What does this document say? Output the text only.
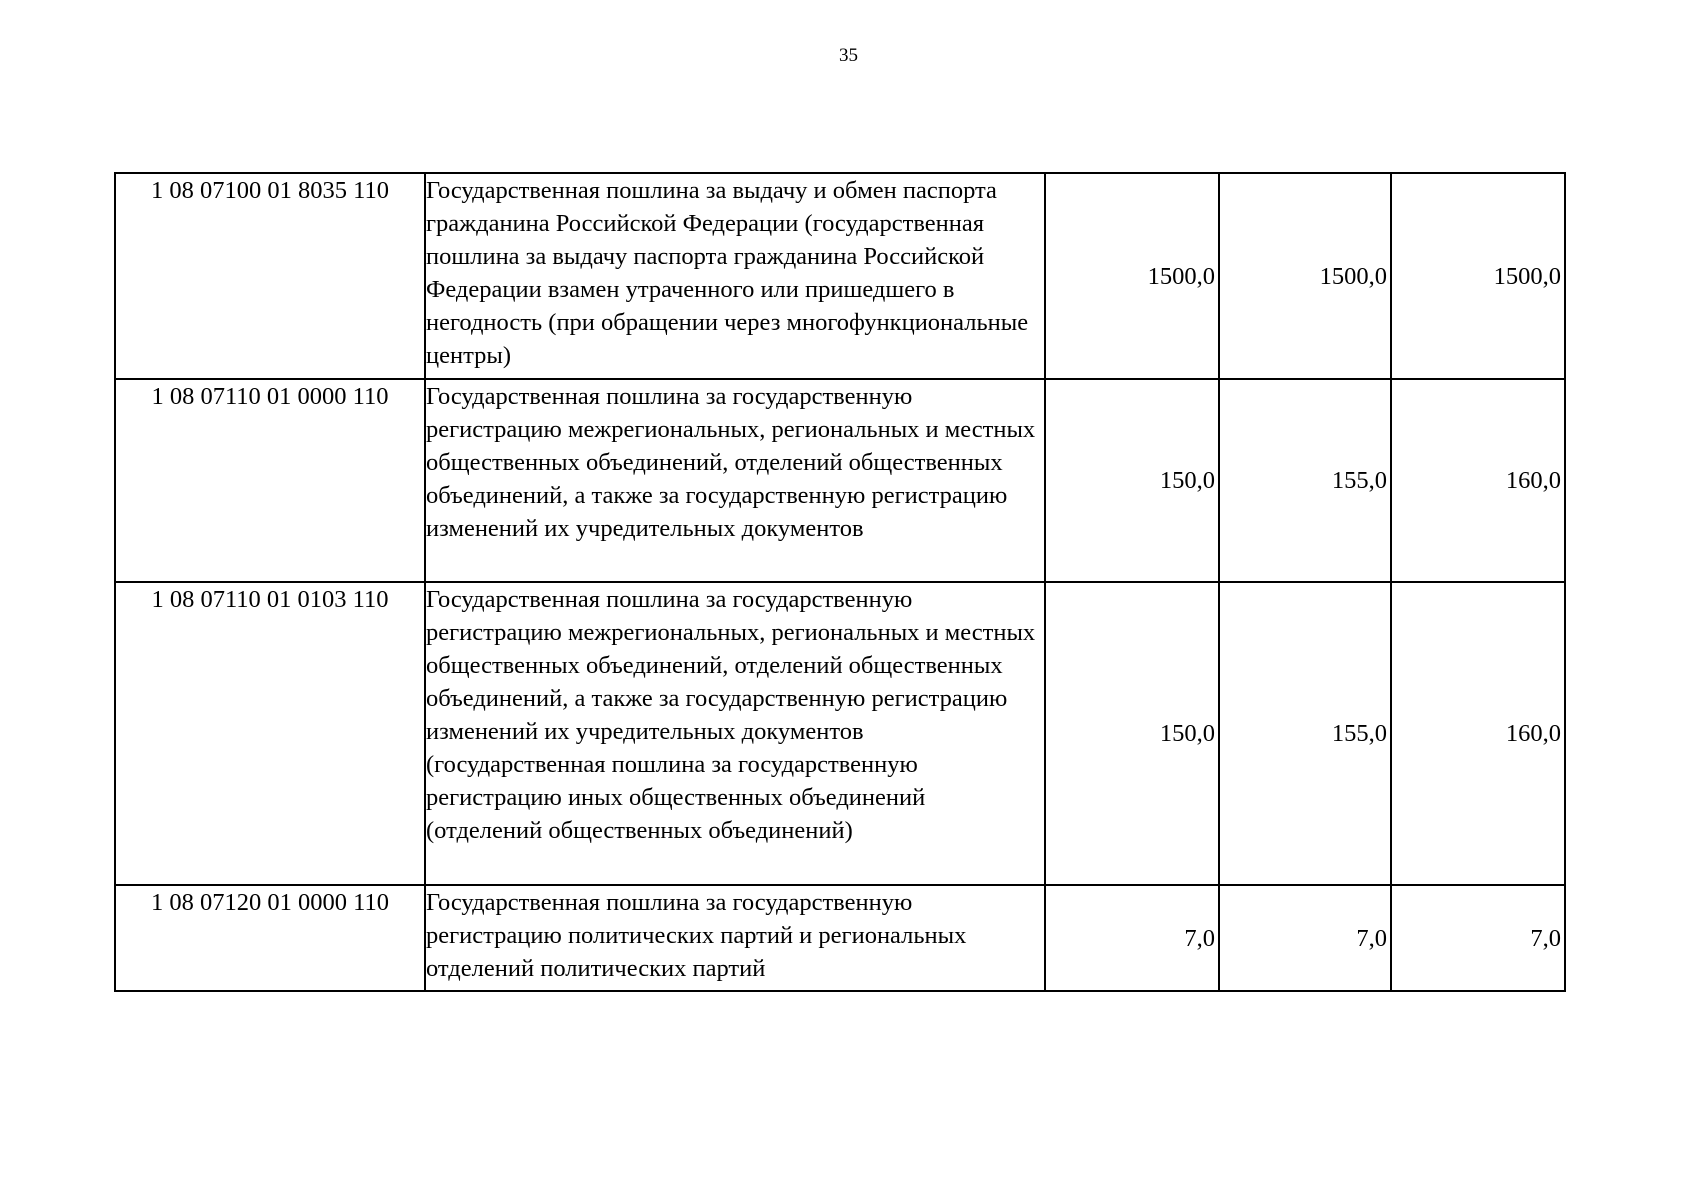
35
1 08 07100 01 8035 110	Государственная пошлина за выдачу и обмен паспорта гражданина Российской Федерации (государственная пошлина за выдачу паспорта гражданина Российской Федерации взамен утраченного или пришедшего в негодность (при обращении через многофункциональные центры)	1500,0	1500,0	1500,0
1 08 07110 01 0000 110	Государственная пошлина за государственную регистрацию межрегиональных, региональных и местных общественных объединений, отделений общественных объединений, а также за государственную регистрацию изменений их учредительных документов	150,0	155,0	160,0
1 08 07110 01 0103 110	Государственная пошлина за государственную регистрацию межрегиональных, региональных и местных общественных объединений, отделений общественных объединений, а также за государственную регистрацию изменений их учредительных документов (государственная пошлина за государственную регистрацию иных общественных объединений (отделений общественных объединений)	150,0	155,0	160,0
1 08 07120 01 0000 110	Государственная пошлина за государственную регистрацию политических партий и региональных отделений политических партий	7,0	7,0	7,0
